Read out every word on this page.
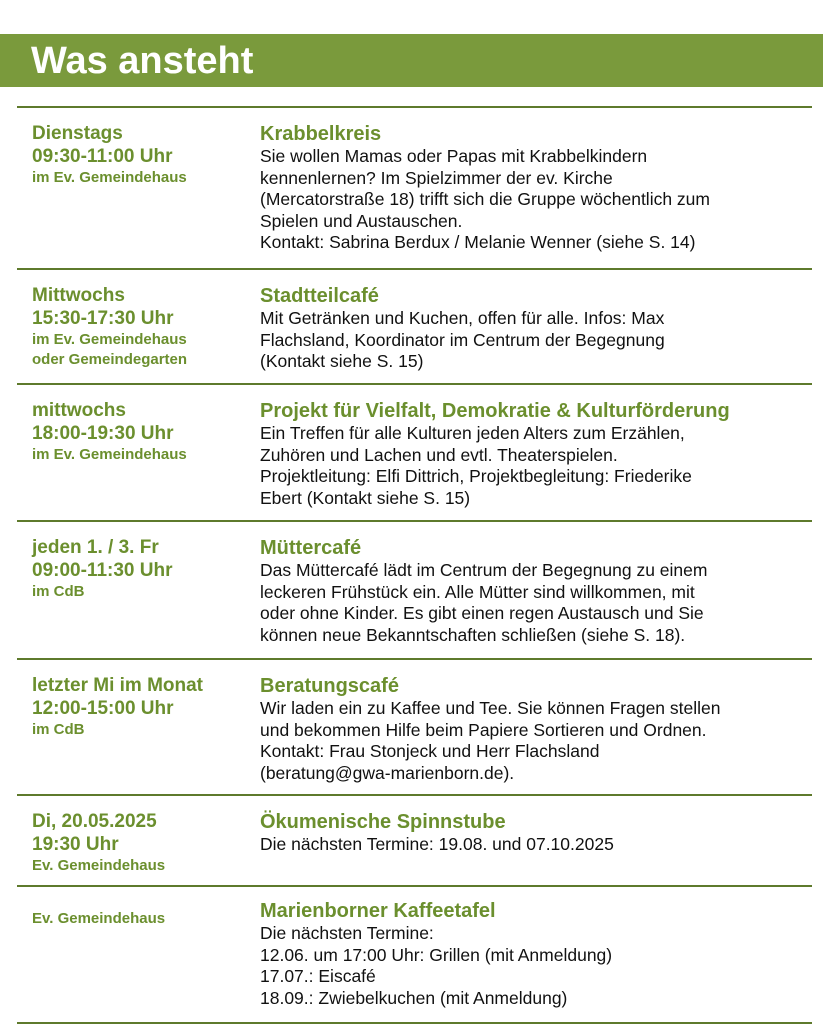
Was ansteht
Dienstags
09:30-11:00 Uhr
im Ev. Gemeindehaus
Krabbelkreis
Sie wollen Mamas oder Papas mit Krabbelkindern
kennenlernen? Im Spielzimmer der ev. Kirche
(Mercatorstraße 18) trifft sich die Gruppe wöchentlich zum
Spielen und Austauschen.
Kontakt: Sabrina Berdux / Melanie Wenner (siehe S. 14)
Mittwochs
15:30-17:30 Uhr
im Ev. Gemeindehaus
oder Gemeindegarten
Stadtteilcafé
Mit Getränken und Kuchen, offen für alle. Infos: Max
Flachsland, Koordinator im Centrum der Begegnung
(Kontakt siehe S. 15)
mittwochs
18:00-19:30 Uhr
im Ev. Gemeindehaus
Projekt für Vielfalt, Demokratie & Kulturförderung
Ein Treffen für alle Kulturen jeden Alters zum Erzählen,
Zuhören und Lachen und evtl. Theaterspielen.
Projektleitung: Elfi Dittrich, Projektbegleitung: Friederike
Ebert (Kontakt siehe S. 15)
jeden 1. / 3. Fr
09:00-11:30 Uhr
im CdB
Müttercafé
Das Müttercafé lädt im Centrum der Begegnung zu einem
leckeren Frühstück ein. Alle Mütter sind willkommen, mit
oder ohne Kinder. Es gibt einen regen Austausch und Sie
können neue Bekanntschaften schließen (siehe S. 18).
letzter Mi im Monat
12:00-15:00 Uhr
im CdB
Beratungscafé
Wir laden ein zu Kaffee und Tee. Sie können Fragen stellen
und bekommen Hilfe beim Papiere Sortieren und Ordnen.
Kontakt: Frau Stonjeck und Herr Flachsland
(beratung@gwa-marienborn.de).
Di, 20.05.2025
19:30 Uhr
Ev. Gemeindehaus
Ökumenische Spinnstube
Die nächsten Termine: 19.08. und 07.10.2025
Ev. Gemeindehaus	Marienborner Kaffeetafel
Die nächsten Termine:
12.06. um 17:00 Uhr: Grillen (mit Anmeldung)
17.07.: Eiscafé
18.09.: Zwiebelkuchen (mit Anmeldung)
